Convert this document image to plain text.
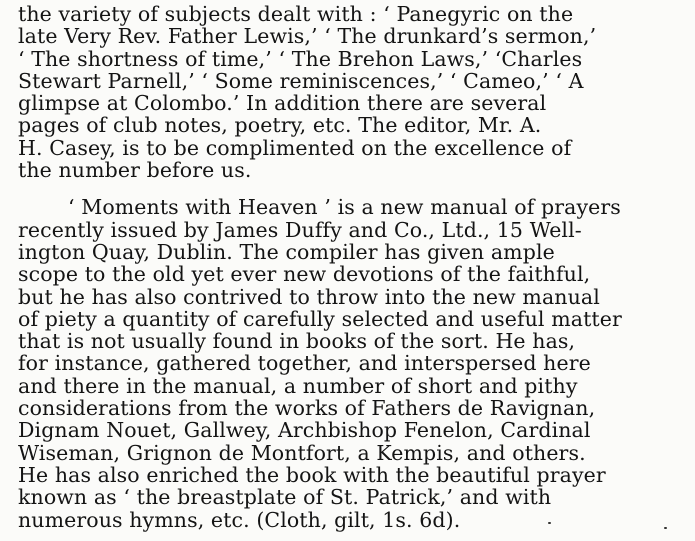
the variety of subjects dealt with : ‘ Panegyric on the
late Very Rev. Father Lewis,’ ‘ The drunkard’s sermon,’
‘ The shortness of time,’ ‘ The Brehon Laws,’ ‘Charles
Stewart Parnell,’ ‘ Some reminiscences,’ ‘ Cameo,’ ‘ A
glimpse at Colombo.’ In addition there are several
pages of club notes, poetry, etc. The editor, Mr. A.
H. Casey, is to be complimented on the excellence of
the number before us.

‘ Moments with Heaven ’ is a new manual of prayers
recently issued by James Duffy and Co., Ltd., 15 Well-
ington Quay, Dublin. The compiler has given ample
scope to the old yet ever new devotions of the faithful,
but he has also contrived to throw into the new manual
of piety a quantity of carefully selected and useful matter
that is not usually found in books of the sort. He has,
for instance, gathered together, and interspersed here
and there in the manual, a number of short and pithy
considerations from the works of Fathers de Ravignan,
Dignam Nouet, Gallwey, Archbishop Fenelon, Cardinal
Wiseman, Grignon de Montfort, a Kempis, and others.
He has also enriched the book with the beautiful prayer
known as ‘ the breastplate of St. Patrick,’ and with
numerous hymns, etc. (Cloth, gilt, 1s. 6d).
